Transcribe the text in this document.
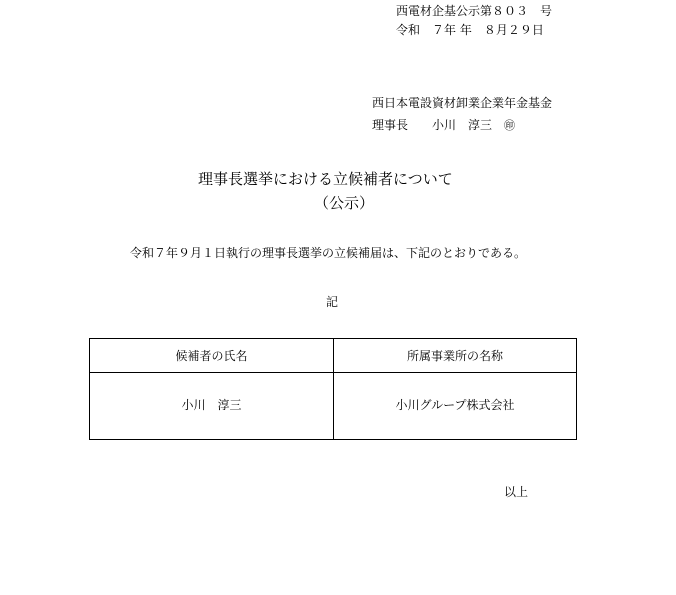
西電材企基公示第８０３　号
令和　７年 年　８月２９日
西日本電設資材卸業企業年金基金
理事長　　小川　淳三　㊞
理事長選挙における立候補者について
（公示）
令和７年９月１日執行の理事長選挙の立候補届は、下記のとおりである。
記
候補者の氏名	所属事業所の名称
小川　淳三	小川グループ株式会社
以上
